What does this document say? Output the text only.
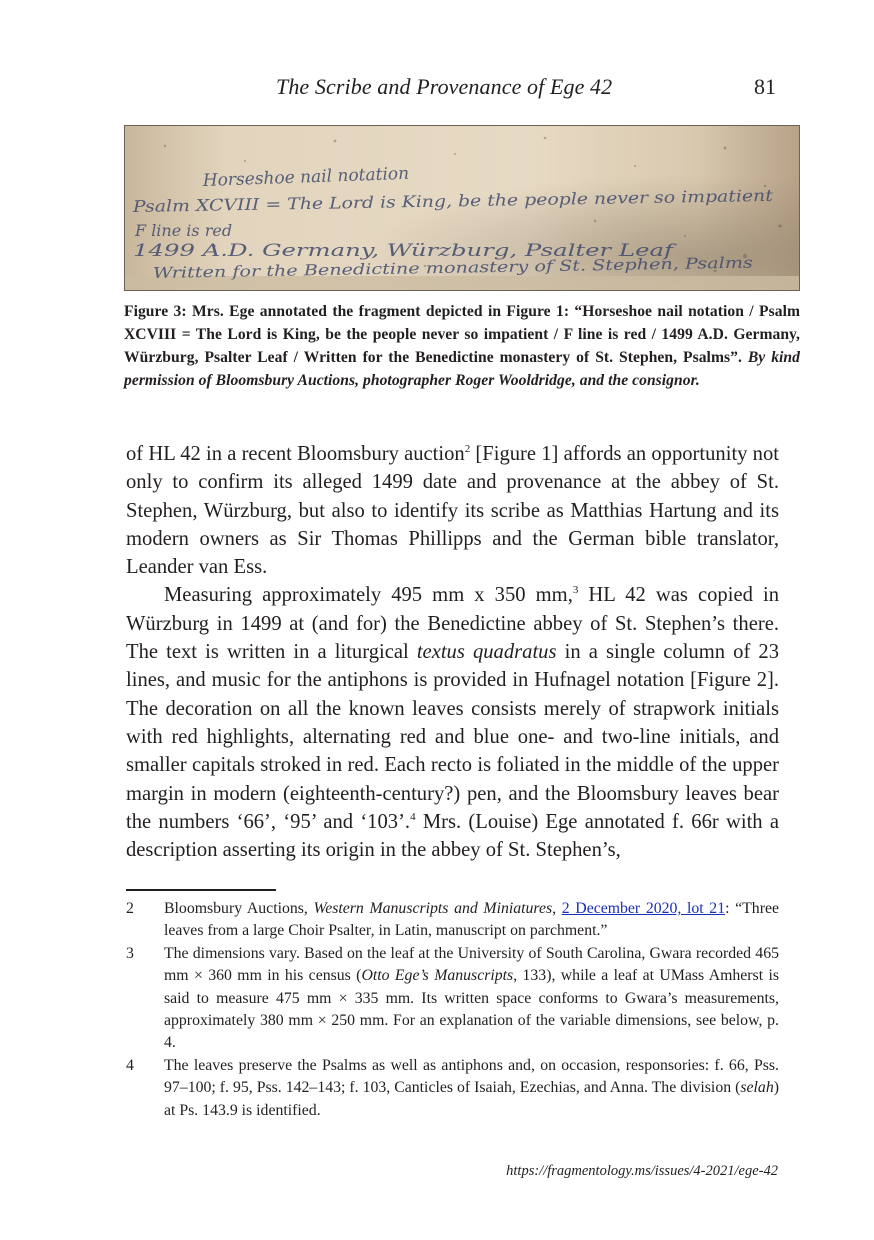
The Scribe and Provenance of Ege 42	81
Horseshoe nail notation
Psalm XCVIII = The Lord is King, be the people never so impatient
F line is red
1499 A.D. Germany, Würzburg, Psalter Leaf
Written for the Benedictine monastery of St. Stephen, Psalms
Figure 3: Mrs. Ege annotated the fragment depicted in Figure 1: “Horseshoe nail notation / Psalm XCVIII = The Lord is King, be the people never so impatient / F line is red / 1499 A.D. Germany, Würzburg, Psalter Leaf / Written for the Benedictine monastery of St. Stephen, Psalms”. By kind permission of Bloomsbury Auctions, photographer Roger Wooldridge, and the consignor.

of HL 42 in a recent Bloomsbury auction$^2$ [Figure 1] affords an opportunity not only to confirm its alleged 1499 date and provenance at the abbey of St. Stephen, Würzburg, but also to identify its scribe as Matthias Hartung and its modern owners as Sir Thomas Phillipps and the German bible translator, Leander van Ess.

Measuring approximately 495 mm x 350 mm,$^3$ HL 42 was copied in Würzburg in 1499 at (and for) the Benedictine abbey of St. Stephen’s there. The text is written in a liturgical textus quadratus in a single column of 23 lines, and music for the antiphons is provided in Hufnagel notation [Figure 2]. The decoration on all the known leaves consists merely of strapwork initials with red highlights, alternating red and blue one- and two-line initials, and smaller capitals stroked in red. Each recto is foliated in the middle of the upper margin in modern (eighteenth-century?) pen, and the Bloomsbury leaves bear the numbers ‘66’, ‘95’ and ‘103’.$^4$ Mrs. (Louise) Ege annotated f. 66r with a description asserting its origin in the abbey of St. Stephen’s,

2 Bloomsbury Auctions, Western Manuscripts and Miniatures, 2 December 2020, lot 21: “Three leaves from a large Choir Psalter, in Latin, manuscript on parchment.”
3 The dimensions vary. Based on the leaf at the University of South Carolina, Gwara recorded 465 mm × 360 mm in his census (Otto Ege’s Manuscripts, 133), while a leaf at UMass Amherst is said to measure 475 mm × 335 mm. Its written space conforms to Gwara’s measurements, approximately 380 mm × 250 mm. For an explanation of the variable dimensions, see below, p. 4.
4 The leaves preserve the Psalms as well as antiphons and, on occasion, responsories: f. 66, Pss. 97–100; f. 95, Pss. 142–143; f. 103, Canticles of Isaiah, Ezechias, and Anna. The division (selah) at Ps. 143.9 is identified.
https://fragmentology.ms/issues/4-2021/ege-42
